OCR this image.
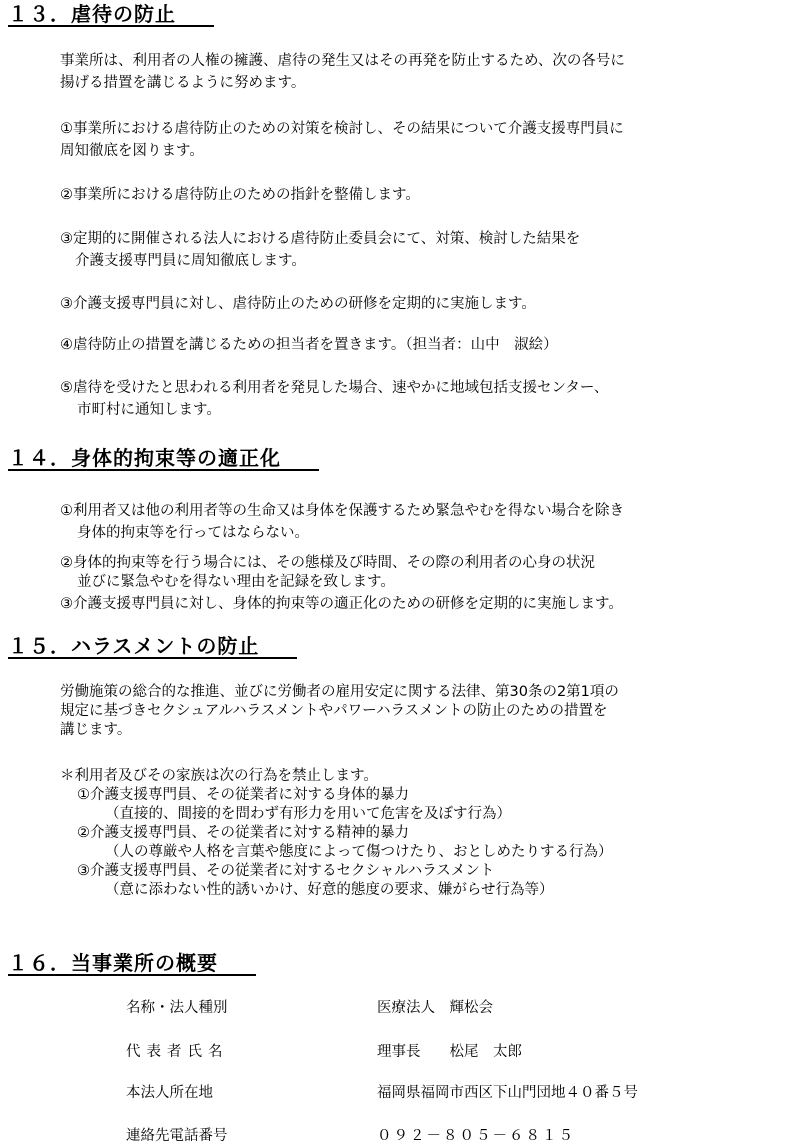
１３．虐待の防止

事業所は、利用者の人権の擁護、虐待の発生又はその再発を防止するため、次の各号に
揚げる措置を講じるように努めます。

①事業所における虐待防止のための対策を検討し、その結果について介護支援専門員に
周知徹底を図ります。

②事業所における虐待防止のための指針を整備します。

③定期的に開催される法人における虐待防止委員会にて、対策、検討した結果を
介護支援専門員に周知徹底します。

③介護支援専門員に対し、虐待防止のための研修を定期的に実施します。

④虐待防止の措置を講じるための担当者を置きます。（担当者：山中　淑絵）

⑤虐待を受けたと思われる利用者を発見した場合、速やかに地域包括支援センター、
市町村に通知します。

１４．身体的拘束等の適正化

①利用者又は他の利用者等の生命又は身体を保護するため緊急やむを得ない場合を除き
身体的拘束等を行ってはならない。

②身体的拘束等を行う場合には、その態様及び時間、その際の利用者の心身の状況
並びに緊急やむを得ない理由を記録を致します。

③介護支援専門員に対し、身体的拘束等の適正化のための研修を定期的に実施します。

１５．ハラスメントの防止

労働施策の総合的な推進、並びに労働者の雇用安定に関する法律、第30条の2第1項の
規定に基づきセクシュアルハラスメントやパワーハラスメントの防止のための措置を
講じます。

＊利用者及びその家族は次の行為を禁止します。
①介護支援専門員、その従業者に対する身体的暴力
（直接的、間接的を問わず有形力を用いて危害を及ぼす行為）
②介護支援専門員、その従業者に対する精神的暴力
（人の尊厳や人格を言葉や態度によって傷つけたり、おとしめたりする行為）
③介護支援専門員、その従業者に対するセクシャルハラスメント
（意に添わない性的誘いかけ、好意的態度の要求、嫌がらせ行為等）

１６．当事業所の概要
名称・法人種別	医療法人　輝松会
代表者氏名	理事長　　松尾　太郎
本法人所在地	福岡県福岡市西区下山門団地４０番５号
連絡先電話番号	０９２－８０５－６８１５
